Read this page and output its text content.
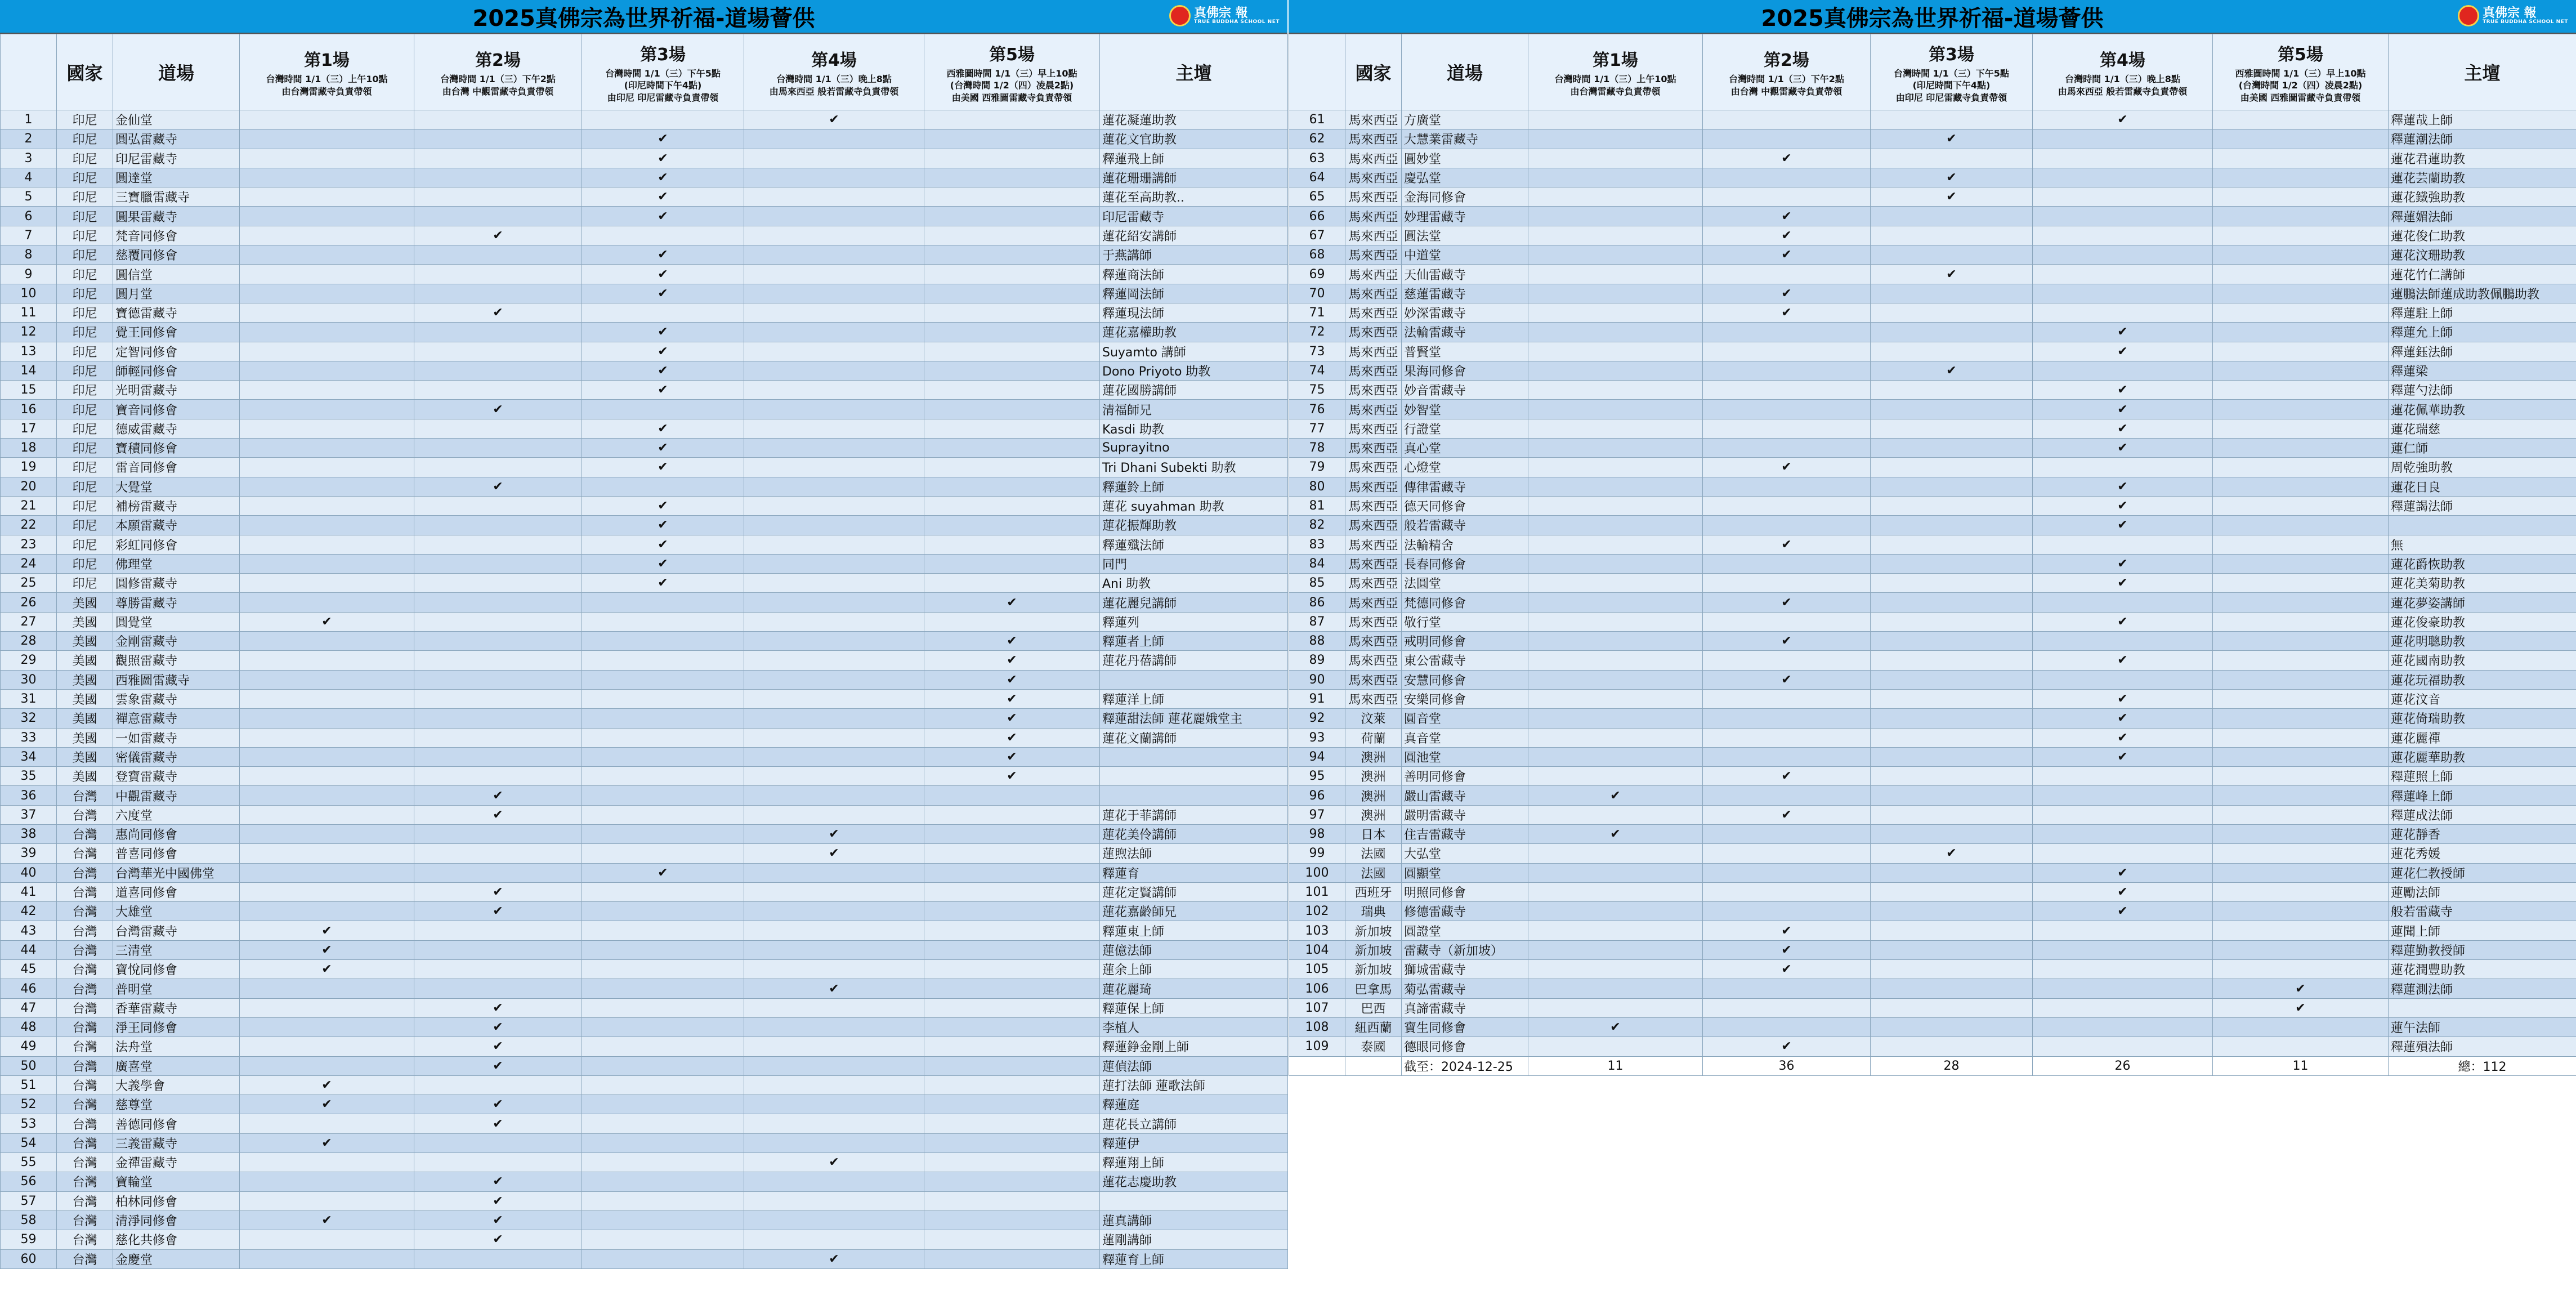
2025真佛宗為世界祈福-道場薈供	真佛宗 報
TRUE BUDDHA SCHOOL NET
	國家	道場	第1場
台灣時間 1/1（三）上午10點
由台灣雷藏寺負責帶領	第2場
台灣時間 1/1（三）下午2點
由台灣 中觀雷藏寺負責帶領	第3場
台灣時間 1/1（三）下午5點
(印尼時間下午4點)
由印尼 印尼雷藏寺負責帶領	第4場
台灣時間 1/1（三）晚上8點
由馬來西亞 般若雷藏寺負責帶領	第5場
西雅圖時間 1/1（三）早上10點
(台灣時間 1/2（四）凌晨2點)
由美國 西雅圖雷藏寺負責帶領	主壇
1	印尼	金仙堂				✔		蓮花凝蓮助教
2	印尼	圓弘雷藏寺			✔			蓮花文官助教
3	印尼	印尼雷藏寺			✔			釋蓮飛上師
4	印尼	圓達堂			✔			蓮花珊珊講師
5	印尼	三寶臘雷藏寺			✔			蓮花至高助教..
6	印尼	圓果雷藏寺			✔			印尼雷藏寺
7	印尼	梵音同修會		✔				蓮花紹安講師
8	印尼	慈覆同修會			✔			于燕講師
9	印尼	圓信堂			✔			釋蓮商法師
10	印尼	圓月堂			✔			釋蓮岡法師
11	印尼	寶德雷藏寺		✔				釋蓮現法師
12	印尼	覺王同修會			✔			蓮花嘉權助教
13	印尼	定智同修會			✔			Suyamto 講師
14	印尼	師輕同修會			✔			Dono Priyoto 助教
15	印尼	光明雷藏寺			✔			蓮花國勝講師
16	印尼	寶音同修會		✔				清福師兄
17	印尼	德威雷藏寺			✔			Kasdi 助教
18	印尼	寶積同修會			✔			Suprayitno
19	印尼	雷音同修會			✔			Tri Dhani Subekti 助教
20	印尼	大覺堂		✔				釋蓮鈴上師
21	印尼	補榜雷藏寺			✔			蓮花 suyahman 助教
22	印尼	本願雷藏寺			✔			蓮花振輝助教
23	印尼	彩虹同修會			✔			釋蓮殲法師
24	印尼	佛理堂			✔			同門
25	印尼	圓修雷藏寺			✔			Ani 助教
26	美國	尊勝雷藏寺					✔	蓮花麗兒講師
27	美國	圓覺堂	✔					釋蓮列
28	美國	金剛雷藏寺					✔	釋蓮者上師
29	美國	觀照雷藏寺					✔	蓮花丹蓓講師
30	美國	西雅圖雷藏寺					✔	
31	美國	雲象雷藏寺					✔	釋蓮洋上師
32	美國	禪意雷藏寺					✔	釋蓮甜法師 蓮花麗娥堂主
33	美國	一如雷藏寺					✔	蓮花文蘭講師
34	美國	密儀雷藏寺					✔	
35	美國	登寶雷藏寺					✔	
36	台灣	中觀雷藏寺		✔				
37	台灣	六度堂		✔				蓮花于菲講師
38	台灣	惠尚同修會				✔		蓮花美伶講師
39	台灣	普喜同修會				✔		蓮煦法師
40	台灣	台灣華光中國佛堂			✔			釋蓮育
41	台灣	道喜同修會		✔				蓮花定賢講師
42	台灣	大雄堂		✔				蓮花嘉齡師兄
43	台灣	台灣雷藏寺	✔					釋蓮東上師
44	台灣	三清堂	✔					蓮億法師
45	台灣	寶悅同修會	✔					蓮余上師
46	台灣	普明堂				✔		蓮花麗琦
47	台灣	香華雷藏寺		✔				釋蓮保上師
48	台灣	淨王同修會		✔				李植人
49	台灣	法舟堂		✔				釋蓮錚金剛上師
50	台灣	廣喜堂		✔				蓮偵法師
51	台灣	大義學會	✔					蓮打法師 蓮歌法師
52	台灣	慈尊堂	✔	✔				釋蓮庭
53	台灣	善德同修會		✔				蓮花長立講師
54	台灣	三義雷藏寺	✔					釋蓮伊
55	台灣	金禪雷藏寺				✔		釋蓮翔上師
56	台灣	寶輪堂		✔				蓮花志慶助教
57	台灣	柏林同修會		✔				
58	台灣	清淨同修會	✔	✔				蓮真講師
59	台灣	慈化共修會		✔				蓮剛講師
60	台灣	金慶堂				✔		釋蓮育上師
2025真佛宗為世界祈福-道場薈供	真佛宗 報
TRUE BUDDHA SCHOOL NET
	國家	道場	第1場
台灣時間 1/1（三）上午10點
由台灣雷藏寺負責帶領	第2場
台灣時間 1/1（三）下午2點
由台灣 中觀雷藏寺負責帶領	第3場
台灣時間 1/1（三）下午5點
(印尼時間下午4點)
由印尼 印尼雷藏寺負責帶領	第4場
台灣時間 1/1（三）晚上8點
由馬來西亞 般若雷藏寺負責帶領	第5場
西雅圖時間 1/1（三）早上10點
(台灣時間 1/2（四）凌晨2點)
由美國 西雅圖雷藏寺負責帶領	主壇
61	馬來西亞	方廣堂				✔		釋蓮哉上師
62	馬來西亞	大慧業雷藏寺			✔			釋蓮潮法師
63	馬來西亞	圓妙堂		✔				蓮花君蓮助教
64	馬來西亞	慶弘堂			✔			蓮花芸蘭助教
65	馬來西亞	金海同修會			✔			蓮花鐵強助教
66	馬來西亞	妙理雷藏寺		✔				釋蓮媚法師
67	馬來西亞	圓法堂		✔				蓮花俊仁助教
68	馬來西亞	中道堂		✔				蓮花汶珊助教
69	馬來西亞	天仙雷藏寺			✔			蓮花竹仁講師
70	馬來西亞	慈蓮雷藏寺		✔				蓮鵬法師蓮成助教佩鵬助教
71	馬來西亞	妙深雷藏寺		✔				釋蓮駐上師
72	馬來西亞	法輪雷藏寺				✔		釋蓮允上師
73	馬來西亞	普賢堂				✔		釋蓮鈺法師
74	馬來西亞	果海同修會			✔			釋蓮梁
75	馬來西亞	妙音雷藏寺				✔		釋蓮勺法師
76	馬來西亞	妙智堂				✔		蓮花佩華助教
77	馬來西亞	行證堂				✔		蓮花瑞慈
78	馬來西亞	真心堂				✔		蓮仁師
79	馬來西亞	心燈堂		✔				周乾強助教
80	馬來西亞	傳律雷藏寺				✔		蓮花日良
81	馬來西亞	德天同修會				✔		釋蓮謁法師
82	馬來西亞	般若雷藏寺				✔		
83	馬來西亞	法輪精舍		✔				無
84	馬來西亞	長春同修會				✔		蓮花爵恢助教
85	馬來西亞	法圓堂				✔		蓮花美菊助教
86	馬來西亞	梵德同修會		✔				蓮花夢姿講師
87	馬來西亞	敬行堂				✔		蓮花俊豪助教
88	馬來西亞	戒明同修會		✔				蓮花明聰助教
89	馬來西亞	東公雷藏寺				✔		蓮花國南助教
90	馬來西亞	安慧同修會		✔				蓮花玩福助教
91	馬來西亞	安樂同修會				✔		蓮花汶音
92	汶萊	圓音堂				✔		蓮花倚瑞助教
93	荷蘭	真音堂				✔		蓮花麗禪
94	澳洲	圓池堂				✔		蓮花麗華助教
95	澳洲	善明同修會		✔				釋蓮照上師
96	澳洲	嚴山雷藏寺	✔					釋蓮峰上師
97	澳洲	嚴明雷藏寺		✔				釋蓮成法師
98	日本	住吉雷藏寺	✔					蓮花靜香
99	法國	大弘堂			✔			蓮花秀媛
100	法國	圓顯堂				✔		蓮花仁教授師
101	西班牙	明照同修會				✔		蓮勵法師
102	瑞典	修德雷藏寺				✔		般若雷藏寺
103	新加坡	圓證堂		✔				蓮聞上師
104	新加坡	雷藏寺（新加坡）		✔				釋蓮勤教授師
105	新加坡	獅城雷藏寺		✔				蓮花潤豐助教
106	巴拿馬	菊弘雷藏寺					✔	釋蓮測法師
107	巴西	真諦雷藏寺					✔	
108	紐西蘭	寶生同修會	✔					蓮午法師
109	泰國	德眼同修會		✔				釋蓮殞法師
		截至：2024-12-25	11	36	28	26	11	總：112
